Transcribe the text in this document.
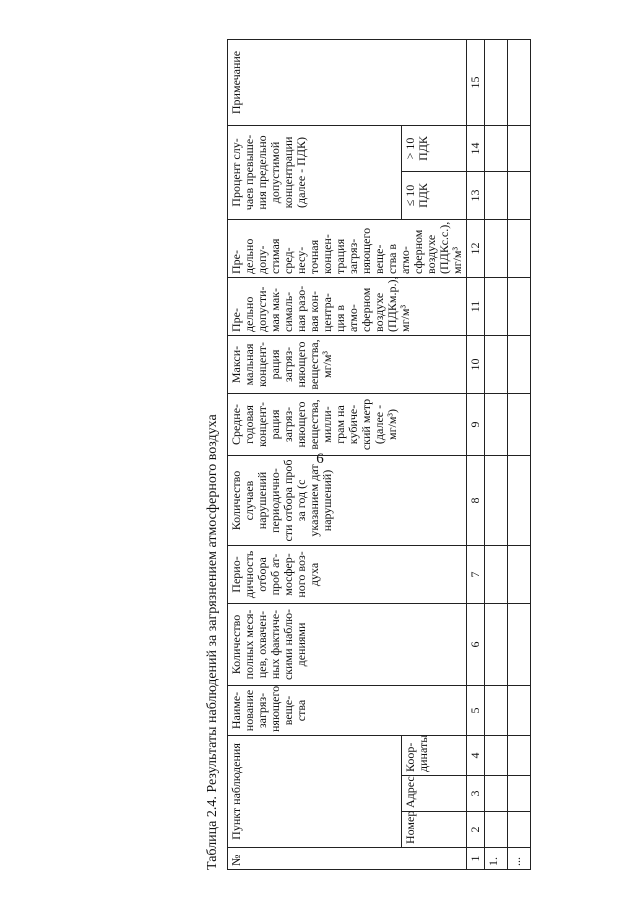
6
Таблица 2.4. Результаты наблюдений за загрязнением атмосферного воздуха №	Пункт наблюдения			Наиме- нование загряз- няющего веще- ства	Количество полных меся- цев, охвачен- ных фактиче- скими наблю- дениями	Перио- дичность отбора проб ат- мосфер- ного воз- духа	Количество случаев нарушений периодично- сти отбора проб за год (с указанием дат нарушений)	Средне- годовая концент- рация загряз- няющего вещества, милли- грам на кубиче- ский метр (далее - мг/м³)	Макси- мальная концент- рация загряз- няющего вещества, мг/м³	Пре- дельно допусти- мая мак- сималь- ная разо- вая кон- центра- ция в атмо- сферном воздухе (ПДКм.р.), мг/м³	Пре- дельно допу- стимая сред- несу- точная концен- трация загряз- няющего веще- ства в атмо- сферном воздухе (ПДКс.с.), мг/м³	Процент слу- чаев превыше- ния предельно допустимой концентрации (далее - ПДК)		Примечание
	Номер	Адрес	Коор- динаты									≤ 10 ПДК	> 10 ПДК	
1	2	3	4	5	6	7	8	9	10	11	12	13	14	15
1.														
...														
